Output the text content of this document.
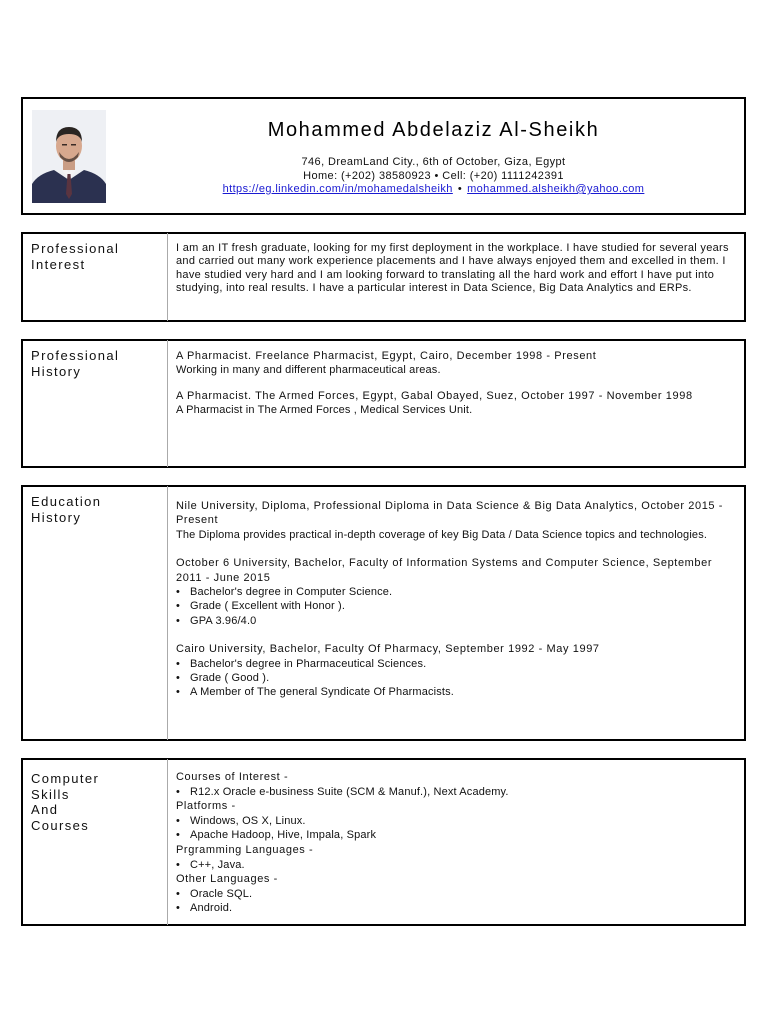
Mohammed Abdelaziz Al-Sheikh
746, DreamLand City., 6th of October, Giza, Egypt
Home: (+202) 38580923 • Cell: (+20) 1111242391
https://eg.linkedin.com/in/mohamedalsheikh • mohammed.alsheikh@yahoo.com
Professional Interest

I am an IT fresh graduate, looking for my first deployment in the workplace. I have studied for several years and carried out many work experience placements and I have always enjoyed them and excelled in them. I have studied very hard and I am looking forward to translating all the hard work and effort I have put into studying, into real results. I have a particular interest in Data Science, Big Data Analytics and ERPs.

Professional History

A Pharmacist. Freelance Pharmacist, Egypt, Cairo, December 1998 - Present

Working in many and different pharmaceutical areas.

A Pharmacist. The Armed Forces, Egypt, Gabal Obayed, Suez, October 1997 - November 1998

A Pharmacist in The Armed Forces , Medical Services Unit.

Education History

Nile University, Diploma, Professional Diploma in Data Science & Big Data Analytics, October 2015 - Present

The Diploma provides practical in-depth coverage of key Big Data / Data Science topics and technologies.

October 6 University, Bachelor, Faculty of Information Systems and Computer Science, September 2011 - June 2015

• Bachelor's degree in Computer Science.
• Grade ( Excellent with Honor ).
• GPA 3.96/4.0

Cairo University, Bachelor, Faculty Of Pharmacy, September 1992 - May 1997

• Bachelor's degree in Pharmaceutical Sciences.
• Grade ( Good ).
• A Member of The general Syndicate Of Pharmacists.
Computer
Skills
And
Courses

Courses of Interest -

• R12.x Oracle e-business Suite (SCM & Manuf.), Next Academy.

Platforms -

• Windows, OS X, Linux.
• Apache Hadoop, Hive, Impala, Spark

Prgramming Languages -

• C++, Java.

Other Languages -

• Oracle SQL.
• Android.
